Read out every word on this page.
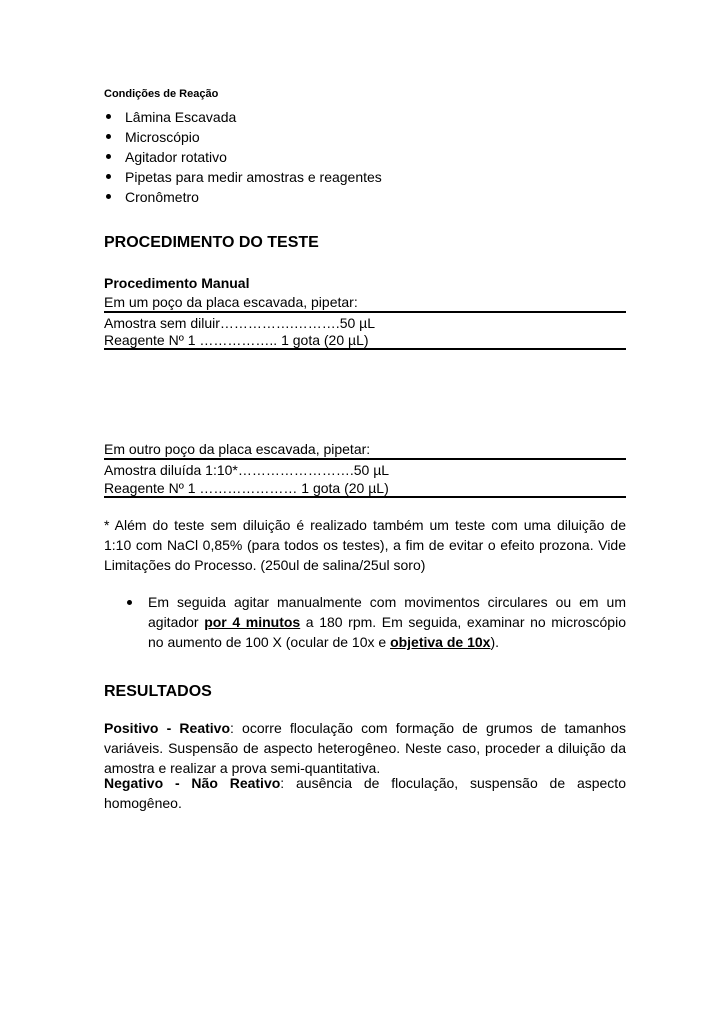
Condições de Reação
Lâmina Escavada
Microscópio
Agitador rotativo
Pipetas para medir amostras e reagentes
Cronômetro
PROCEDIMENTO DO TESTE
Procedimento Manual
Em um poço da placa escavada, pipetar:
Amostra sem diluir…………….……….50 µL
Reagente Nº 1 …………….. 1 gota (20 µL)
Em outro poço da placa escavada, pipetar:
Amostra diluída 1:10*…………………….50 µL
Reagente Nº 1 ………………… 1 gota (20 µL)
* Além do teste sem diluição é realizado também um teste com uma diluição de 1:10 com NaCl 0,85% (para todos os testes), a fim de evitar o efeito prozona. Vide Limitações do Processo. (250ul de salina/25ul soro)
Em seguida agitar manualmente com movimentos circulares ou em um agitador por 4 minutos a 180 rpm. Em seguida, examinar no microscópio no aumento de 100 X (ocular de 10x e objetiva de 10x).
RESULTADOS
Positivo - Reativo: ocorre floculação com formação de grumos de tamanhos variáveis. Suspensão de aspecto heterogêneo. Neste caso, proceder a diluição da amostra e realizar a prova semi-quantitativa.
Negativo - Não Reativo: ausência de floculação, suspensão de aspecto homogêneo.
